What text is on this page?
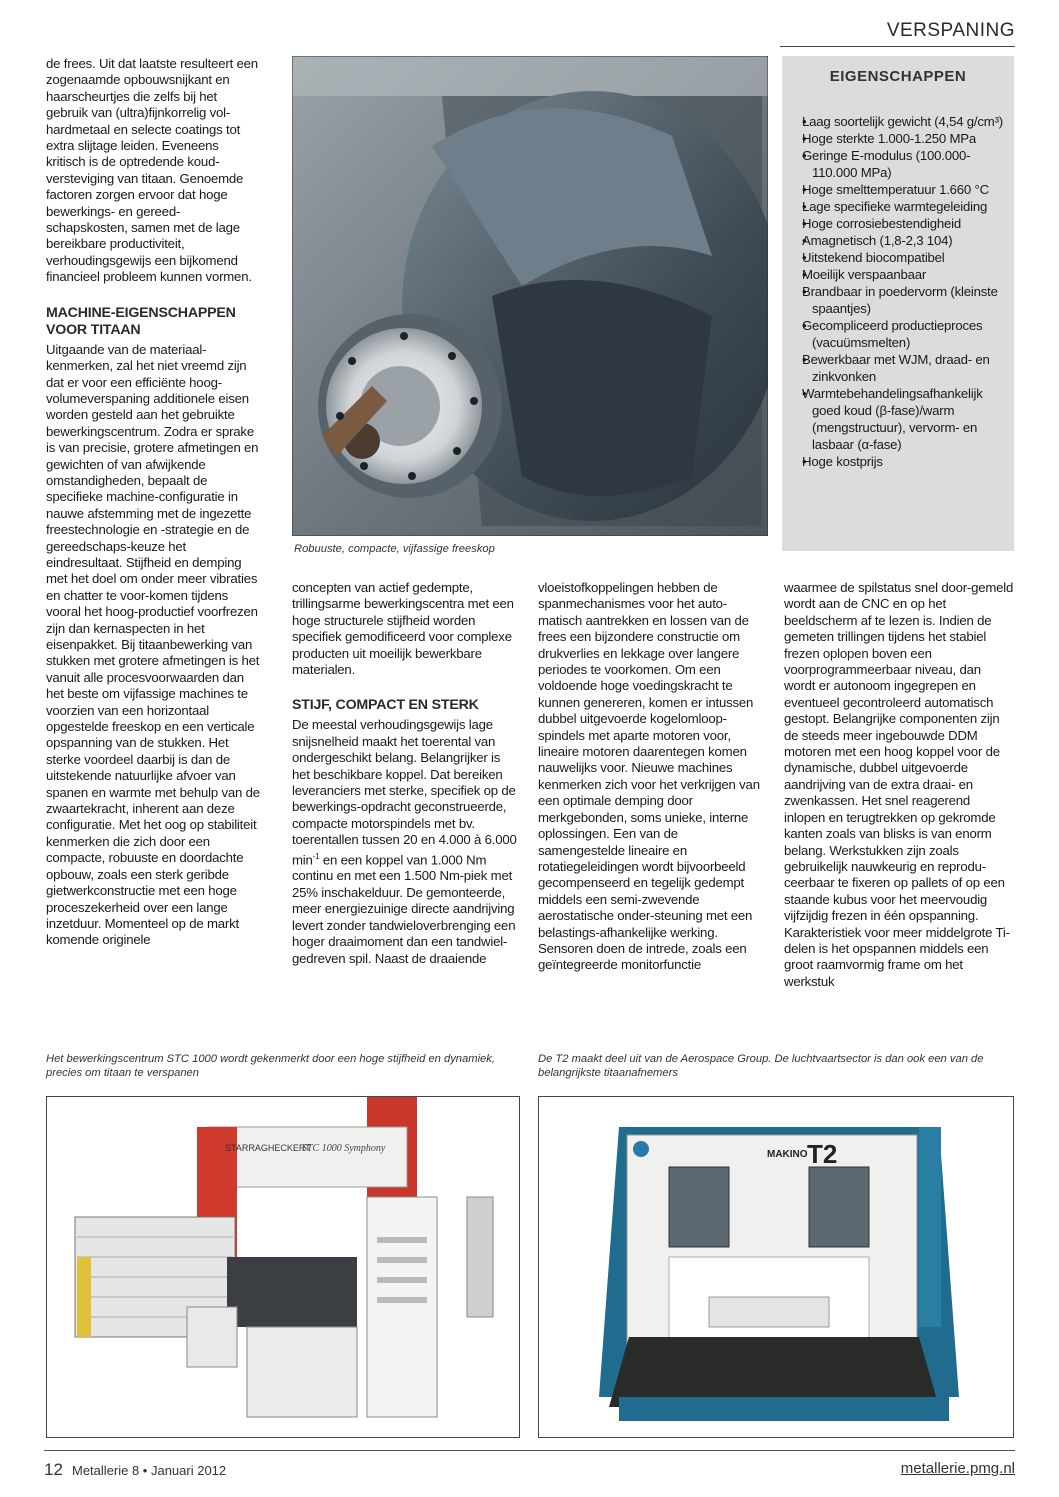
VERSPANING

de frees. Uit dat laatste resulteert een zogenaamde opbouwsnijkant en haarscheurtjes die zelfs bij het gebruik van (ultra)fijnkorrelig vol-hardmetaal en selecte coatings tot extra slijtage leiden. Eveneens kritisch is de optredende koud-versteviging van titaan. Genoemde factoren zorgen ervoor dat hoge bewerkings- en gereed-schapskosten, samen met de lage bereikbare productiviteit, verhoudingsgewijs een bijkomend financieel probleem kunnen vormen.

MACHINE-EIGENSCHAPPEN
VOOR TITAAN

Uitgaande van de materiaal-kenmerken, zal het niet vreemd zijn dat er voor een efficiënte hoog-volumeverspaning additionele eisen worden gesteld aan het gebruikte bewerkingscentrum. Zodra er sprake is van precisie, grotere afmetingen en gewichten of van afwijkende omstandigheden, bepaalt de specifieke machine-configuratie in nauwe afstemming met de ingezette freestechnologie en -strategie en de gereedschaps-keuze het eindresultaat. Stijfheid en demping met het doel om onder meer vibraties en chatter te voor-komen tijdens vooral het hoog-productief voorfrezen zijn dan kernaspecten in het eisenpakket. Bij titaanbewerking van stukken met grotere afmetingen is het vanuit alle procesvoorwaarden dan het beste om vijfassige machines te voorzien van een horizontaal opgestelde freeskop en een verticale opspanning van de stukken. Het sterke voordeel daarbij is dan de uitstekende natuurlijke afvoer van spanen en warmte met behulp van de zwaartekracht, inherent aan deze configuratie. Met het oog op stabiliteit kenmerken die zich door een compacte, robuuste en doordachte opbouw, zoals een sterk geribde gietwerkconstructie met een hoge proceszekerheid over een lange inzetduur. Momenteel op de markt komende originele

Robuuste, compacte, vijfassige freeskop
EIGENSCHAPPEN
• Laag soortelijk gewicht (4,54 g/cm³)
• Hoge sterkte 1.000-1.250 MPa
• Geringe E-modulus (100.000-110.000 MPa)
• Hoge smelttemperatuur 1.660 °C
• Lage specifieke warmtegeleiding
• Hoge corrosiebestendigheid
• Amagnetisch (1,8-2,3 104)
• Uitstekend biocompatibel
• Moeilijk verspaanbaar
• Brandbaar in poedervorm (kleinste spaantjes)
• Gecompliceerd productieproces (vacuümsmelten)
• Bewerkbaar met WJM, draad- en zinkvonken
• Warmtebehandelingsafhankelijk goed koud (β-fase)/warm (mengstructuur), vervorm- en lasbaar (α-fase)
• Hoge kostprijs

concepten van actief gedempte, trillingsarme bewerkingscentra met een hoge structurele stijfheid worden specifiek gemodificeerd voor complexe producten uit moeilijk bewerkbare materialen.

STIJF, COMPACT EN STERK

De meestal verhoudingsgewijs lage snijsnelheid maakt het toerental van ondergeschikt belang. Belangrijker is het beschikbare koppel. Dat bereiken leveranciers met sterke, specifiek op de bewerkings-opdracht geconstrueerde, compacte motorspindels met bv. toerentallen tussen 20 en 4.000 à 6.000 $\min^{-1}$ en een koppel van 1.000 Nm continu en met een 1.500 Nm-piek met 25% inschakelduur. De gemonteerde, meer energiezuinige directe aandrijving levert zonder tandwieloverbrenging een hoger draaimoment dan een tandwiel-gedreven spil. Naast de draaiende

vloeistofkoppelingen hebben de spanmechanismes voor het auto-matisch aantrekken en lossen van de frees een bijzondere constructie om drukverlies en lekkage over langere periodes te voorkomen. Om een voldoende hoge voedingskracht te kunnen genereren, komen er intussen dubbel uitgevoerde kogelomloop-spindels met aparte motoren voor, lineaire motoren daarentegen komen nauwelijks voor. Nieuwe machines kenmerken zich voor het verkrijgen van een optimale demping door merkgebonden, soms unieke, interne oplossingen. Een van de samengestelde lineaire en rotatiegeleidingen wordt bijvoorbeeld gecompenseerd en tegelijk gedempt middels een semi-zwevende aerostatische onder-steuning met een belastings-afhankelijke werking. Sensoren doen de intrede, zoals een geïntegreerde monitorfunctie

waarmee de spilstatus snel door-gemeld wordt aan de CNC en op het beeldscherm af te lezen is. Indien de gemeten trillingen tijdens het stabiel frezen oplopen boven een voorprogrammeerbaar niveau, dan wordt er autonoom ingegrepen en eventueel gecontroleerd automatisch gestopt. Belangrijke componenten zijn de steeds meer ingebouwde DDM motoren met een hoog koppel voor de dynamische, dubbel uitgevoerde aandrijving van de extra draai- en zwenkassen. Het snel reagerend inlopen en terugtrekken op gekromde kanten zoals van blisks is van enorm belang. Werkstukken zijn zoals gebruikelijk nauwkeurig en reprodu-ceerbaar te fixeren op pallets of op een staande kubus voor het meervoudig vijfzijdig frezen in één opspanning. Karakteristiek voor meer middelgrote Ti-delen is het opspannen middels een groot raamvormig frame om het werkstuk

Het bewerkingscentrum STC 1000 wordt gekenmerkt door een hoge stijfheid en dynamiek, precies om titaan te verspanen
De T2 maakt deel uit van de Aerospace Group. De luchtvaartsector is dan ook een van de belangrijkste titaanafnemers
STARRAGHECKERT
STC 1000 Symphony
MAKINO T2
12 Metallerie 8 • Januari 2012	metallerie.pmg.nl
